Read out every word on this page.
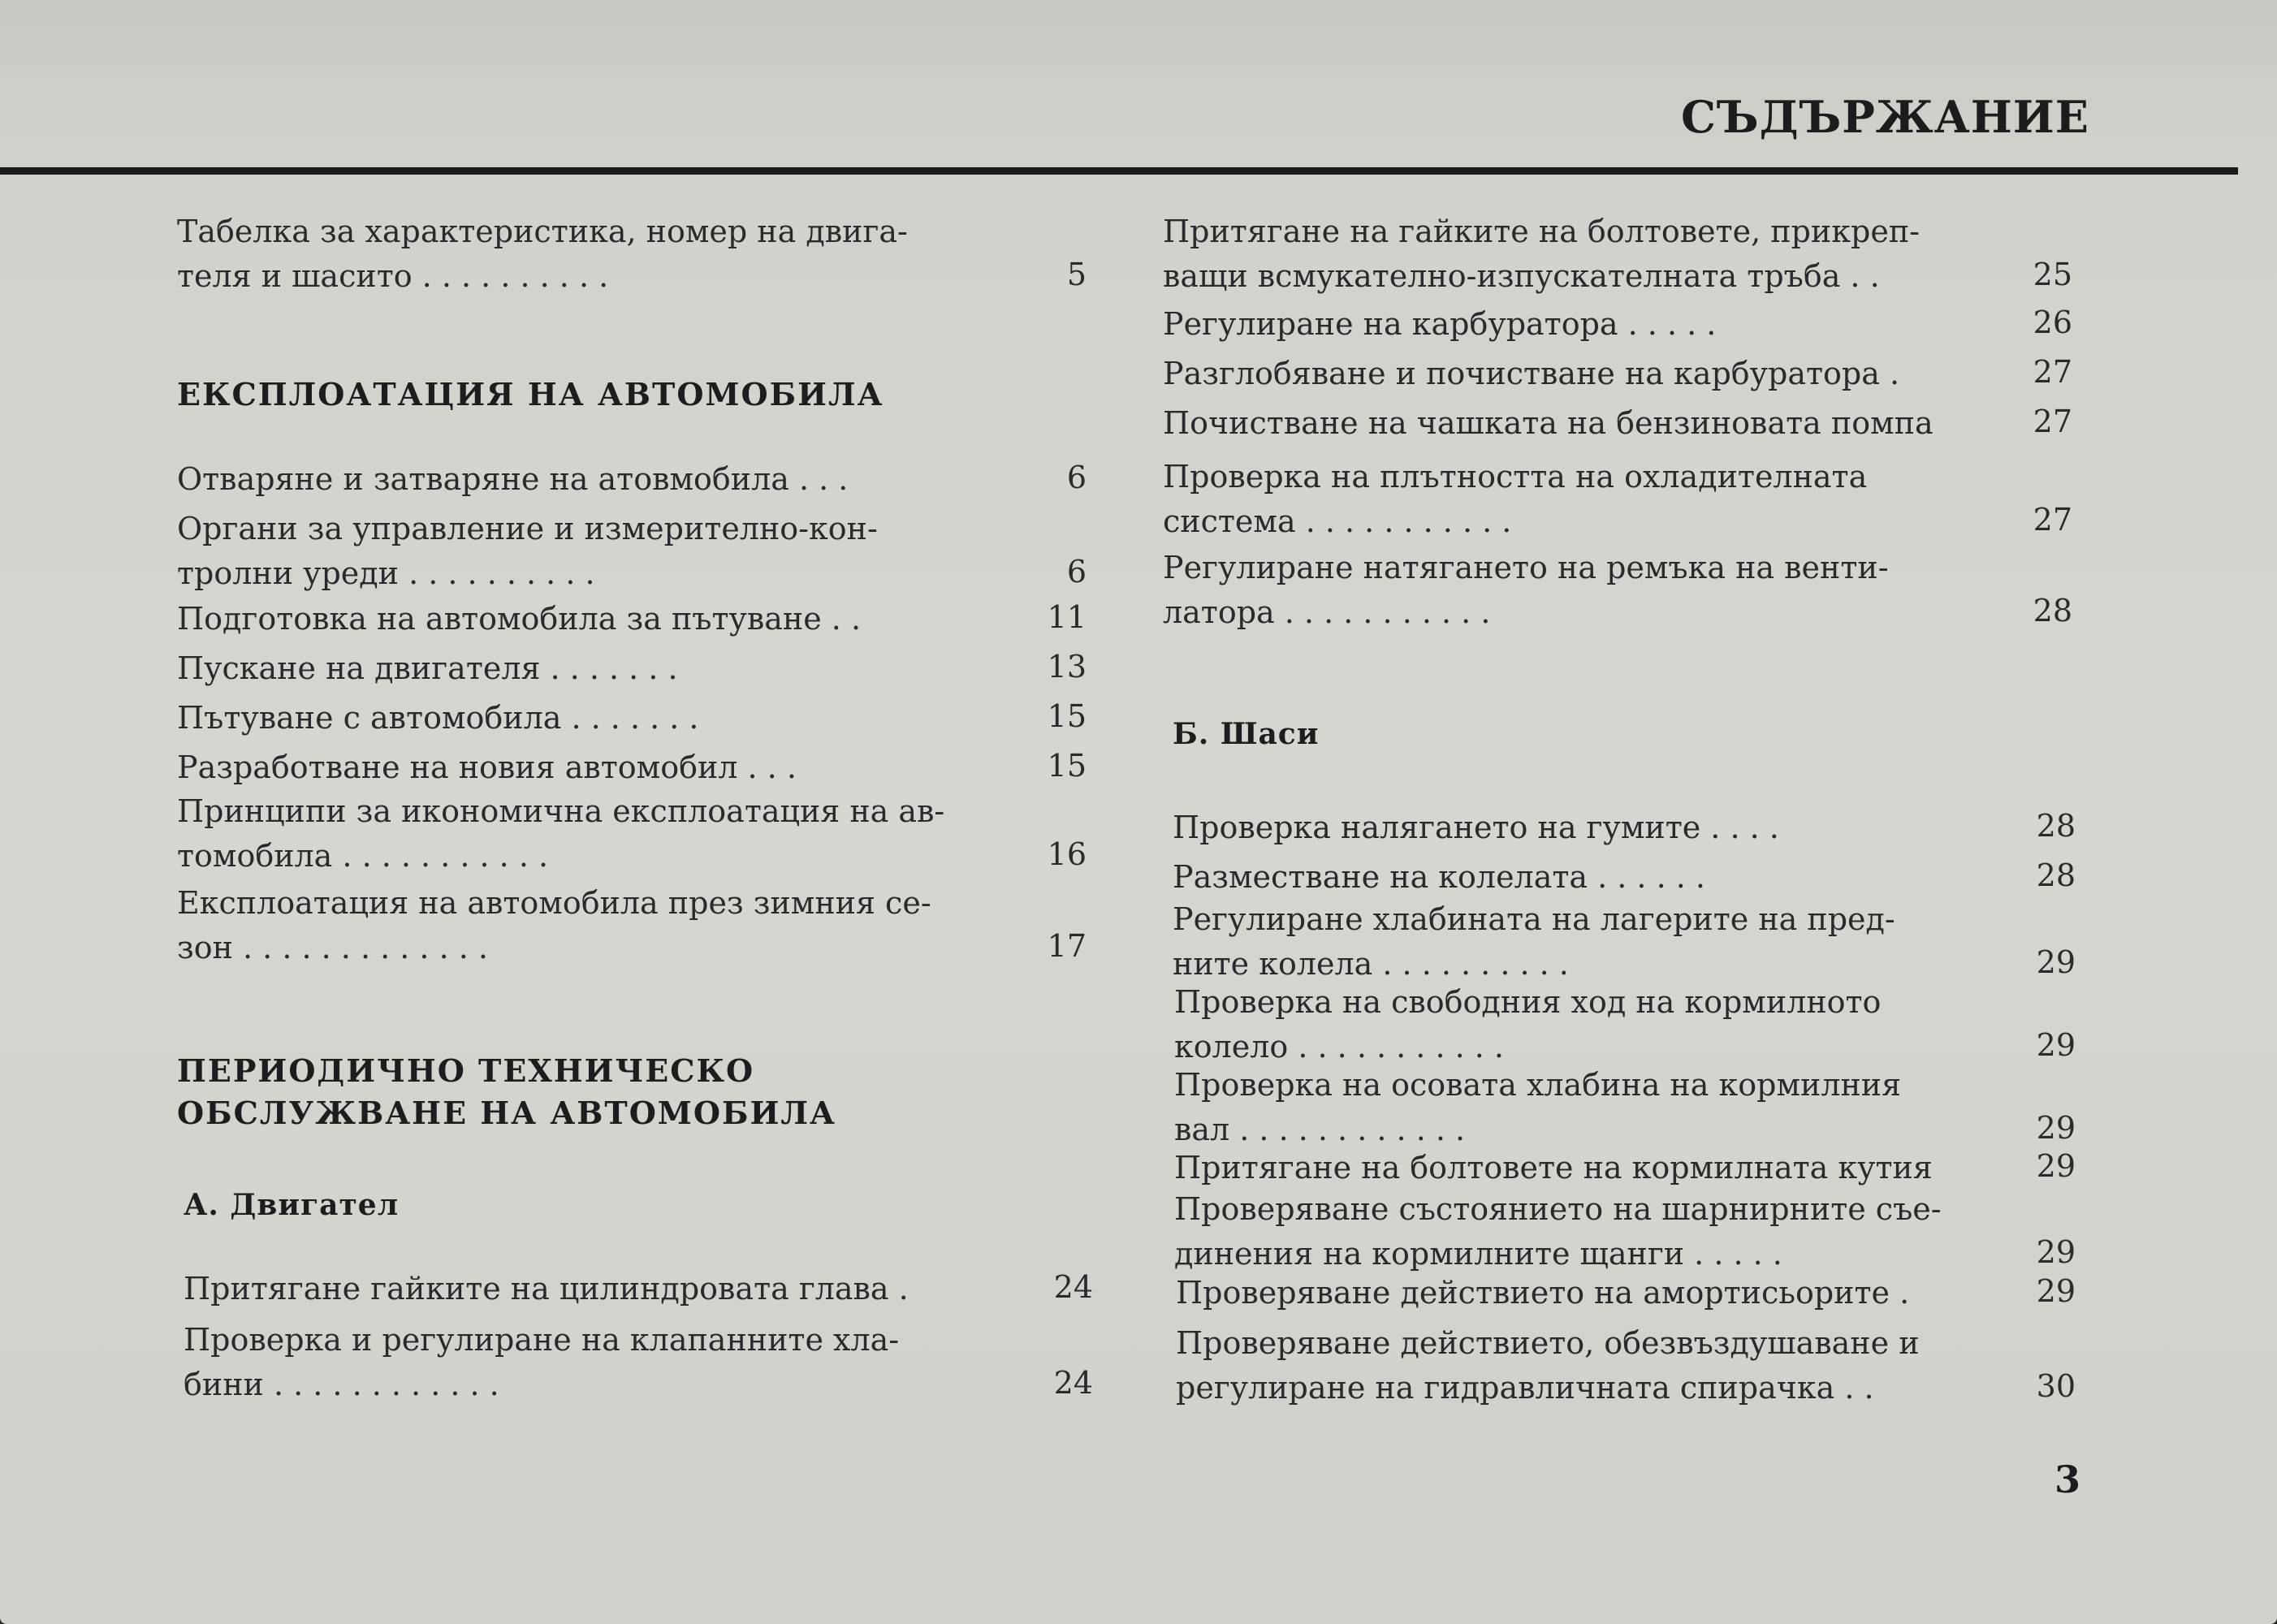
СЪДЪРЖАНИЕ
Табелка за характеристика, номер на двига-
теля и шасито . . . . . . . . . .	5
ЕКСПЛОАТАЦИЯ НА АВТОМОБИЛА
Отваряне и затваряне на атовмобила . . .	6
Органи за управление и измерително-кон-
тролни уреди . . . . . . . . . .	6
Подготовка на автомобила за пътуване . .	11
Пускане на двигателя . . . . . . .	13
Пътуване с автомобила . . . . . . .	15
Разработване на новия автомобил . . .	15
Принципи за икономична експлоатация на ав-
томобила . . . . . . . . . . .	16
Експлоатация на автомобила през зимния се-
зон . . . . . . . . . . . . .	17
ПЕРИОДИЧНО ТЕХНИЧЕСКО
ОБСЛУЖВАНЕ НА АВТОМОБИЛА
А. Двигател
Притягане гайките на цилиндровата глава .	24
Проверка и регулиране на клапанните хла-
бини . . . . . . . . . . . .	24
Притягане на гайките на болтовете, прикреп-
ващи всмукателно-изпускателната тръба . .	25
Регулиране на карбуратора . . . . .	26
Разглобяване и почистване на карбуратора .	27
Почистване на чашката на бензиновата помпа	27
Проверка на плътността на охладителната
система . . . . . . . . . . .	27
Регулиране натягането на ремъка на венти-
латора . . . . . . . . . . .	28
Б. Шаси
Проверка налягането на гумите . . . .	28
Разместване на колелата . . . . . .	28
Регулиране хлабината на лагерите на пред-
ните колела . . . . . . . . . .	29
Проверка на свободния ход на кормилното
колело . . . . . . . . . . .	29
Проверка на осовата хлабина на кормилния
вал . . . . . . . . . . . .	29
Притягане на болтовете на кормилната кутия	29
Проверяване състоянието на шарнирните съе-
динения на кормилните щанги . . . . .	29
Проверяване действието на амортисьорите .	29
Проверяване действието, обезвъздушаване и
регулиране на гидравличната спирачка . .	30
3
